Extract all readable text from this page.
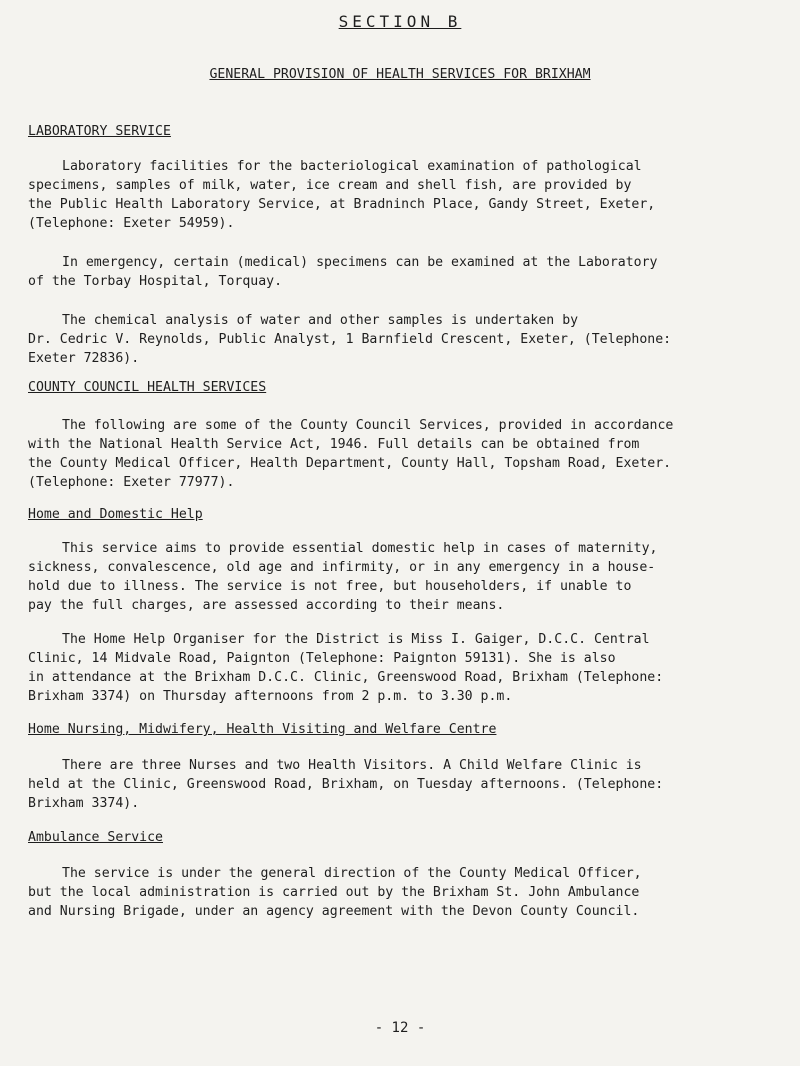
SECTION B
GENERAL PROVISION OF HEALTH SERVICES FOR BRIXHAM
LABORATORY SERVICE
Laboratory facilities for the bacteriological examination of pathological
specimens, samples of milk, water, ice cream and shell fish, are provided by
the Public Health Laboratory Service, at Bradninch Place, Gandy Street, Exeter,
(Telephone: Exeter 54959).
In emergency, certain (medical) specimens can be examined at the Laboratory
of the Torbay Hospital, Torquay.
The chemical analysis of water and other samples is undertaken by
Dr. Cedric V. Reynolds, Public Analyst, 1 Barnfield Crescent, Exeter, (Telephone:
Exeter 72836).
COUNTY COUNCIL HEALTH SERVICES
The following are some of the County Council Services, provided in accordance
with the National Health Service Act, 1946. Full details can be obtained from
the County Medical Officer, Health Department, County Hall, Topsham Road, Exeter.
(Telephone: Exeter 77977).
Home and Domestic Help
This service aims to provide essential domestic help in cases of maternity,
sickness, convalescence, old age and infirmity, or in any emergency in a house-
hold due to illness. The service is not free, but householders, if unable to
pay the full charges, are assessed according to their means.
The Home Help Organiser for the District is Miss I. Gaiger, D.C.C. Central
Clinic, 14 Midvale Road, Paignton (Telephone: Paignton 59131). She is also
in attendance at the Brixham D.C.C. Clinic, Greenswood Road, Brixham (Telephone:
Brixham 3374) on Thursday afternoons from 2 p.m. to 3.30 p.m.
Home Nursing, Midwifery, Health Visiting and Welfare Centre
There are three Nurses and two Health Visitors. A Child Welfare Clinic is
held at the Clinic, Greenswood Road, Brixham, on Tuesday afternoons. (Telephone:
Brixham 3374).
Ambulance Service
The service is under the general direction of the County Medical Officer,
but the local administration is carried out by the Brixham St. John Ambulance
and Nursing Brigade, under an agency agreement with the Devon County Council.
- 12 -
